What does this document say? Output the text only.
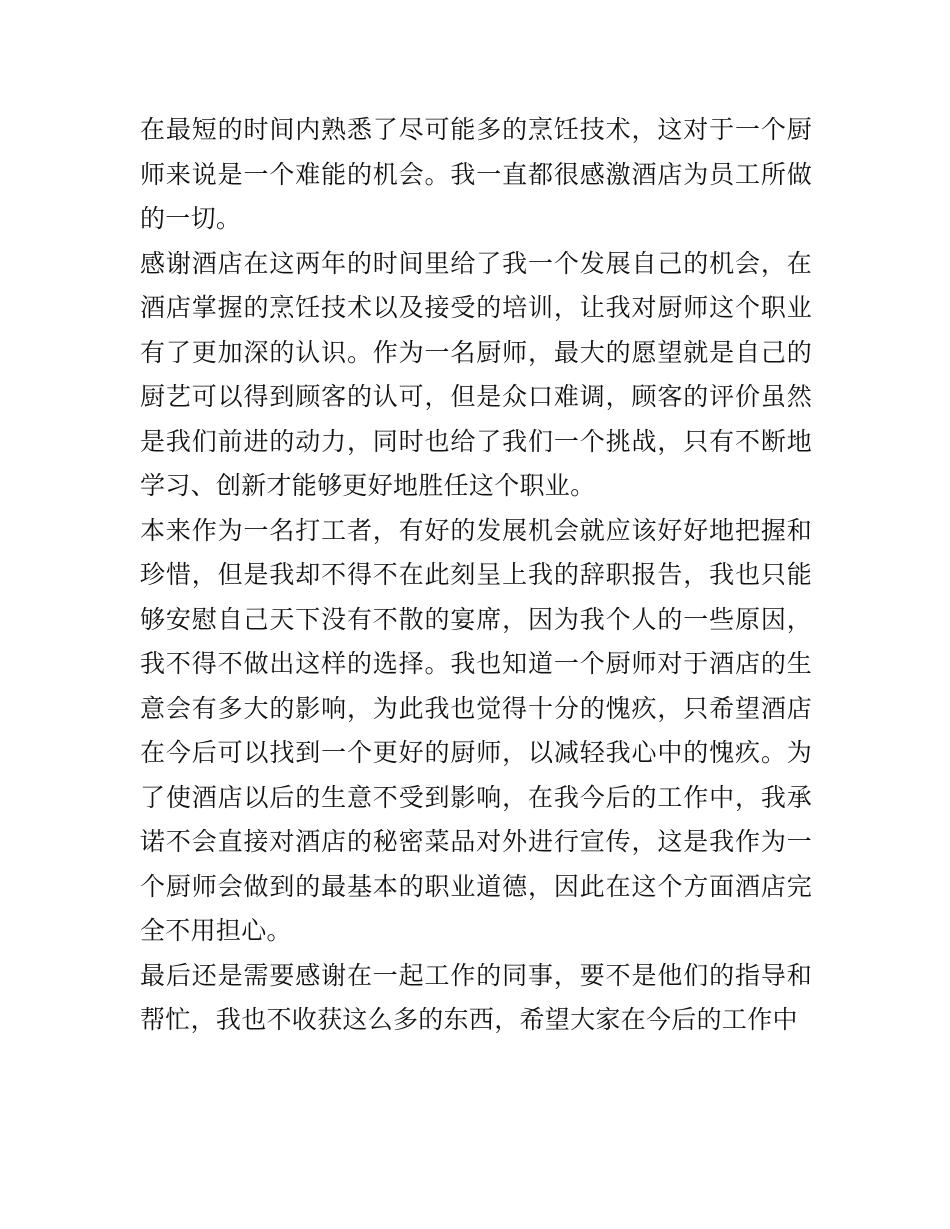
在最短的时间内熟悉了尽可能多的烹饪技术，这对于一个厨师来说是一个难能的机会。我一直都很感激酒店为员工所做的一切。

感谢酒店在这两年的时间里给了我一个发展自己的机会，在酒店掌握的烹饪技术以及接受的培训，让我对厨师这个职业有了更加深的认识。作为一名厨师，最大的愿望就是自己的厨艺可以得到顾客的认可，但是众口难调，顾客的评价虽然是我们前进的动力，同时也给了我们一个挑战，只有不断地学习、创新才能够更好地胜任这个职业。

本来作为一名打工者，有好的发展机会就应该好好地把握和珍惜，但是我却不得不在此刻呈上我的辞职报告，我也只能够安慰自己天下没有不散的宴席，因为我个人的一些原因，我不得不做出这样的选择。我也知道一个厨师对于酒店的生意会有多大的影响，为此我也觉得十分的愧疚，只希望酒店在今后可以找到一个更好的厨师，以减轻我心中的愧疚。为了使酒店以后的生意不受到影响，在我今后的工作中，我承诺不会直接对酒店的秘密菜品对外进行宣传，这是我作为一个厨师会做到的最基本的职业道德，因此在这个方面酒店完全不用担心。

最后还是需要感谢在一起工作的同事，要不是他们的指导和帮忙，我也不收获这么多的东西，希望大家在今后的工作中
